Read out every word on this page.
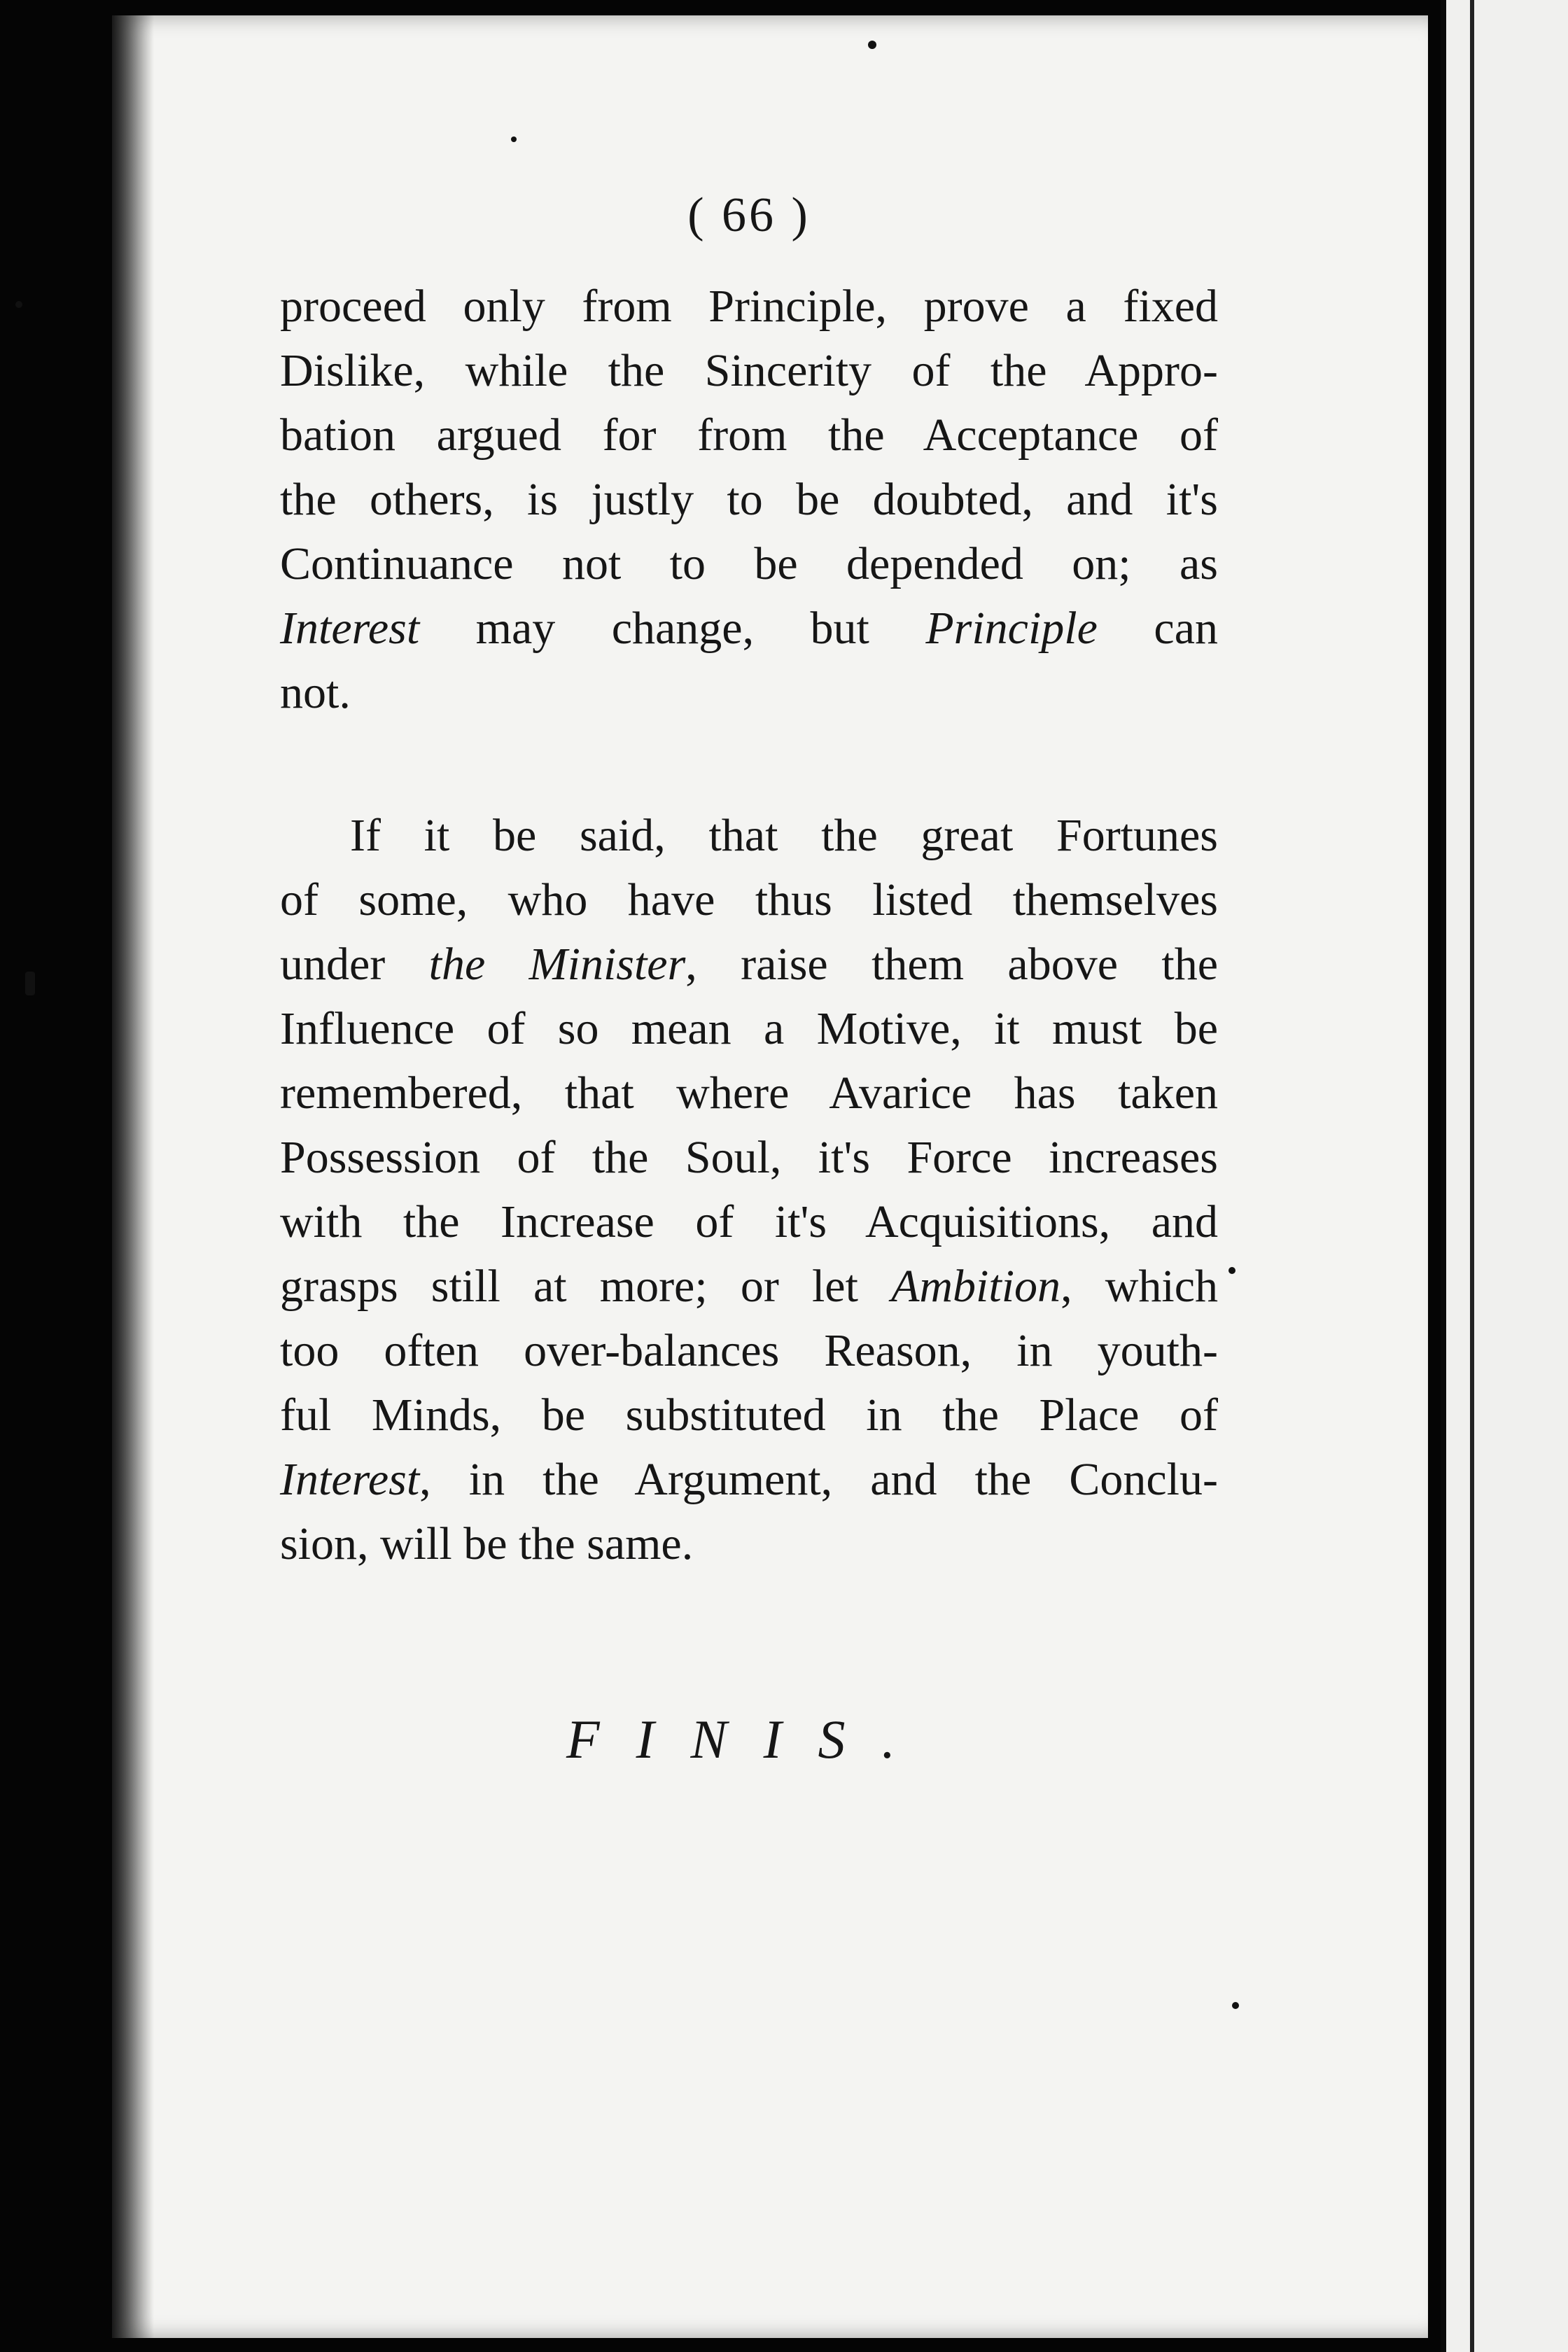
( 66 )
proceed only from Principle, prove a fixed
Dislike, while the Sincerity of the Appro-
bation argued for from the Acceptance of
the others, is justly to be doubted, and it's
Continuance not to be depended on; as
Interest may change, but Principle can
not.
If it be said, that the great Fortunes
of some, who have thus listed themselves
under the Minister, raise them above the
Influence of so mean a Motive, it must be
remembered, that where Avarice has taken
Possession of the Soul, it's Force increases
with the Increase of it's Acquisitions, and
grasps still at more; or let Ambition, which
too often over-balances Reason, in youth-
ful Minds, be substituted in the Place of
Interest, in the Argument, and the Conclu-
sion, will be the same.
FINIS.
